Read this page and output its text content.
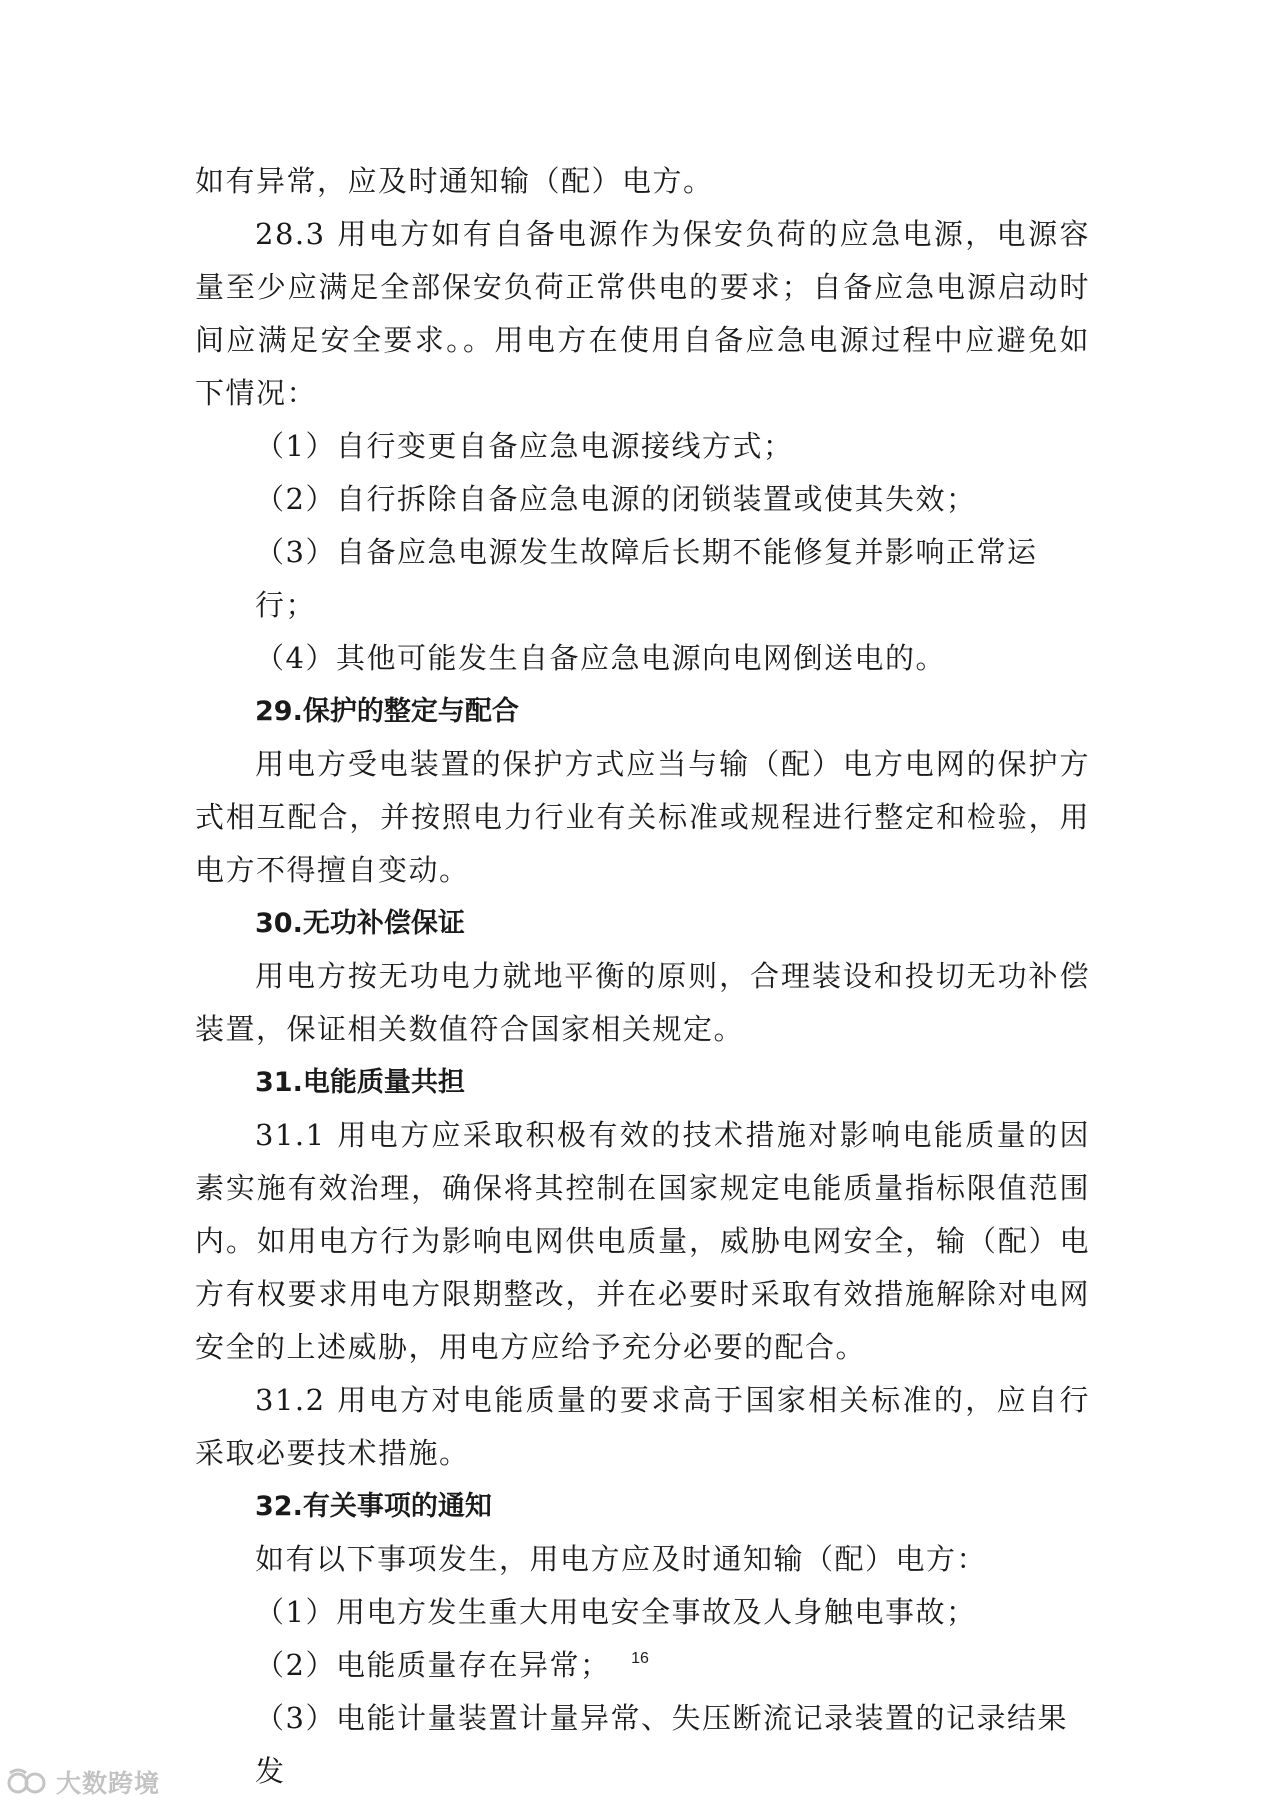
如有异常，应及时通知输（配）电方。

28.3 用电方如有自备电源作为保安负荷的应急电源，电源容量至少应满足全部保安负荷正常供电的要求；自备应急电源启动时间应满足安全要求。。用电方在使用自备应急电源过程中应避免如下情况：

（1）自行变更自备应急电源接线方式；

（2）自行拆除自备应急电源的闭锁装置或使其失效；

（3）自备应急电源发生故障后长期不能修复并影响正常运行；

（4）其他可能发生自备应急电源向电网倒送电的。

29.保护的整定与配合

用电方受电装置的保护方式应当与输（配）电方电网的保护方式相互配合，并按照电力行业有关标准或规程进行整定和检验，用电方不得擅自变动。

30.无功补偿保证

用电方按无功电力就地平衡的原则，合理装设和投切无功补偿装置，保证相关数值符合国家相关规定。

31.电能质量共担

31.1 用电方应采取积极有效的技术措施对影响电能质量的因素实施有效治理，确保将其控制在国家规定电能质量指标限值范围内。如用电方行为影响电网供电质量，威胁电网安全，输（配）电方有权要求用电方限期整改，并在必要时采取有效措施解除对电网安全的上述威胁，用电方应给予充分必要的配合。

31.2 用电方对电能质量的要求高于国家相关标准的，应自行采取必要技术措施。

32.有关事项的通知

如有以下事项发生，用电方应及时通知输（配）电方：

（1）用电方发生重大用电安全事故及人身触电事故；

（2）电能质量存在异常；

（3）电能计量装置计量异常、失压断流记录装置的记录结果发

16
大数跨境
